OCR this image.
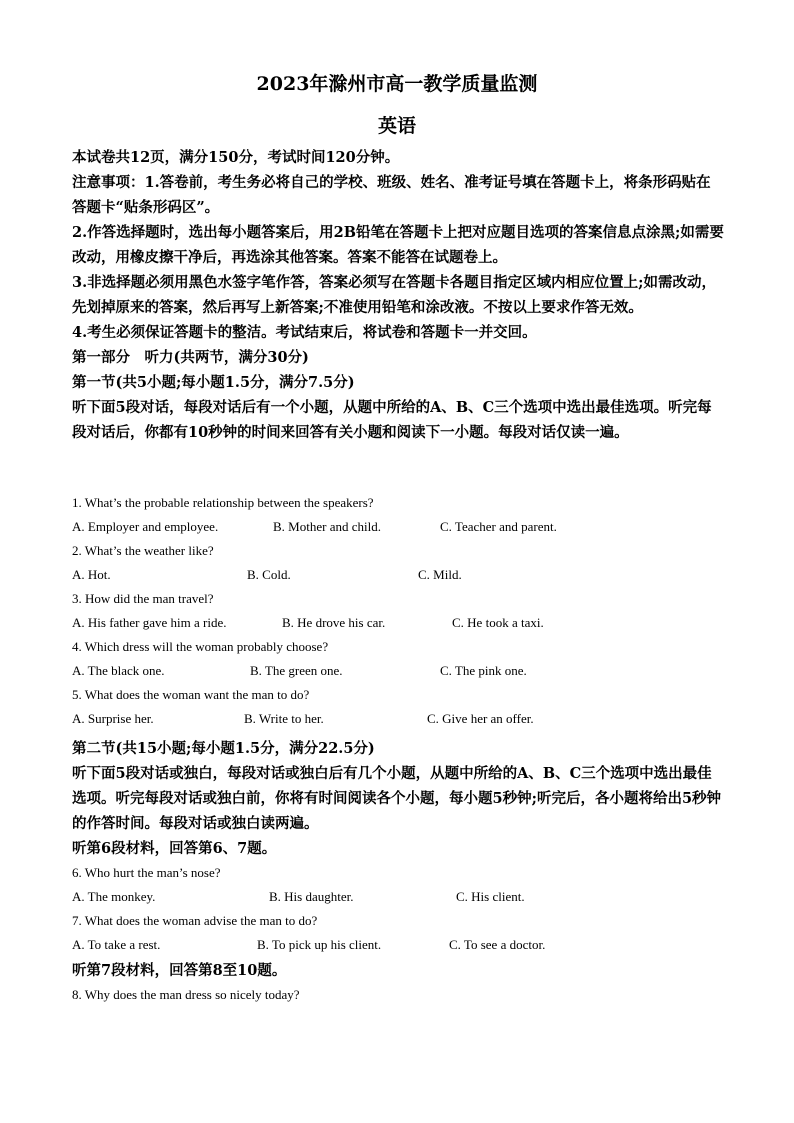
2023年滁州市高一教学质量监测
英语

本试卷共12页，满分150分，考试时间120分钟。

注意事项：1.答卷前，考生务必将自己的学校、班级、姓名、准考证号填在答题卡上，将条形码贴在答题卡“贴条形码区”。

2.作答选择题时，选出每小题答案后，用2B铅笔在答题卡上把对应题目选项的答案信息点涂黑;如需要改动，用橡皮擦干净后，再选涂其他答案。答案不能答在试题卷上。

3.非选择题必须用黑色水签字笔作答，答案必须写在答题卡各题目指定区域内相应位置上;如需改动，先划掉原来的答案，然后再写上新答案;不准使用铅笔和涂改液。不按以上要求作答无效。

4.考生必须保证答题卡的整洁。考试结束后，将试卷和答题卡一并交回。

第一部分　听力(共两节，满分30分)

第一节(共5小题;每小题1.5分，满分7.5分)

听下面5段对话，每段对话后有一个小题，从题中所给的A、B、C三个选项中选出最佳选项。听完每段对话后，你都有10秒钟的时间来回答有关小题和阅读下一小题。每段对话仅读一遍。

1. What’s the probable relationship between the speakers?

A. Employer and employee.	B. Mother and child.	C. Teacher and parent.

2. What’s the weather like?

A. Hot.	B. Cold.	C. Mild.

3. How did the man travel?

A. His father gave him a ride.	B. He drove his car.	C. He took a taxi.

4. Which dress will the woman probably choose?

A. The black one.	B. The green one.	C. The pink one.

5. What does the woman want the man to do?

A. Surprise her.	B. Write to her.	C. Give her an offer.

第二节(共15小题;每小题1.5分，满分22.5分)

听下面5段对话或独白，每段对话或独白后有几个小题，从题中所给的A、B、C三个选项中选出最佳选项。听完每段对话或独白前，你将有时间阅读各个小题，每小题5秒钟;听完后，各小题将给出5秒钟的作答时间。每段对话或独白读两遍。

听第6段材料，回答第6、7题。

6. Who hurt the man’s nose?

A. The monkey.	B. His daughter.	C. His client.

7. What does the woman advise the man to do?

A. To take a rest.	B. To pick up his client.	C. To see a doctor.

听第7段材料，回答第8至10题。

8. Why does the man dress so nicely today?
